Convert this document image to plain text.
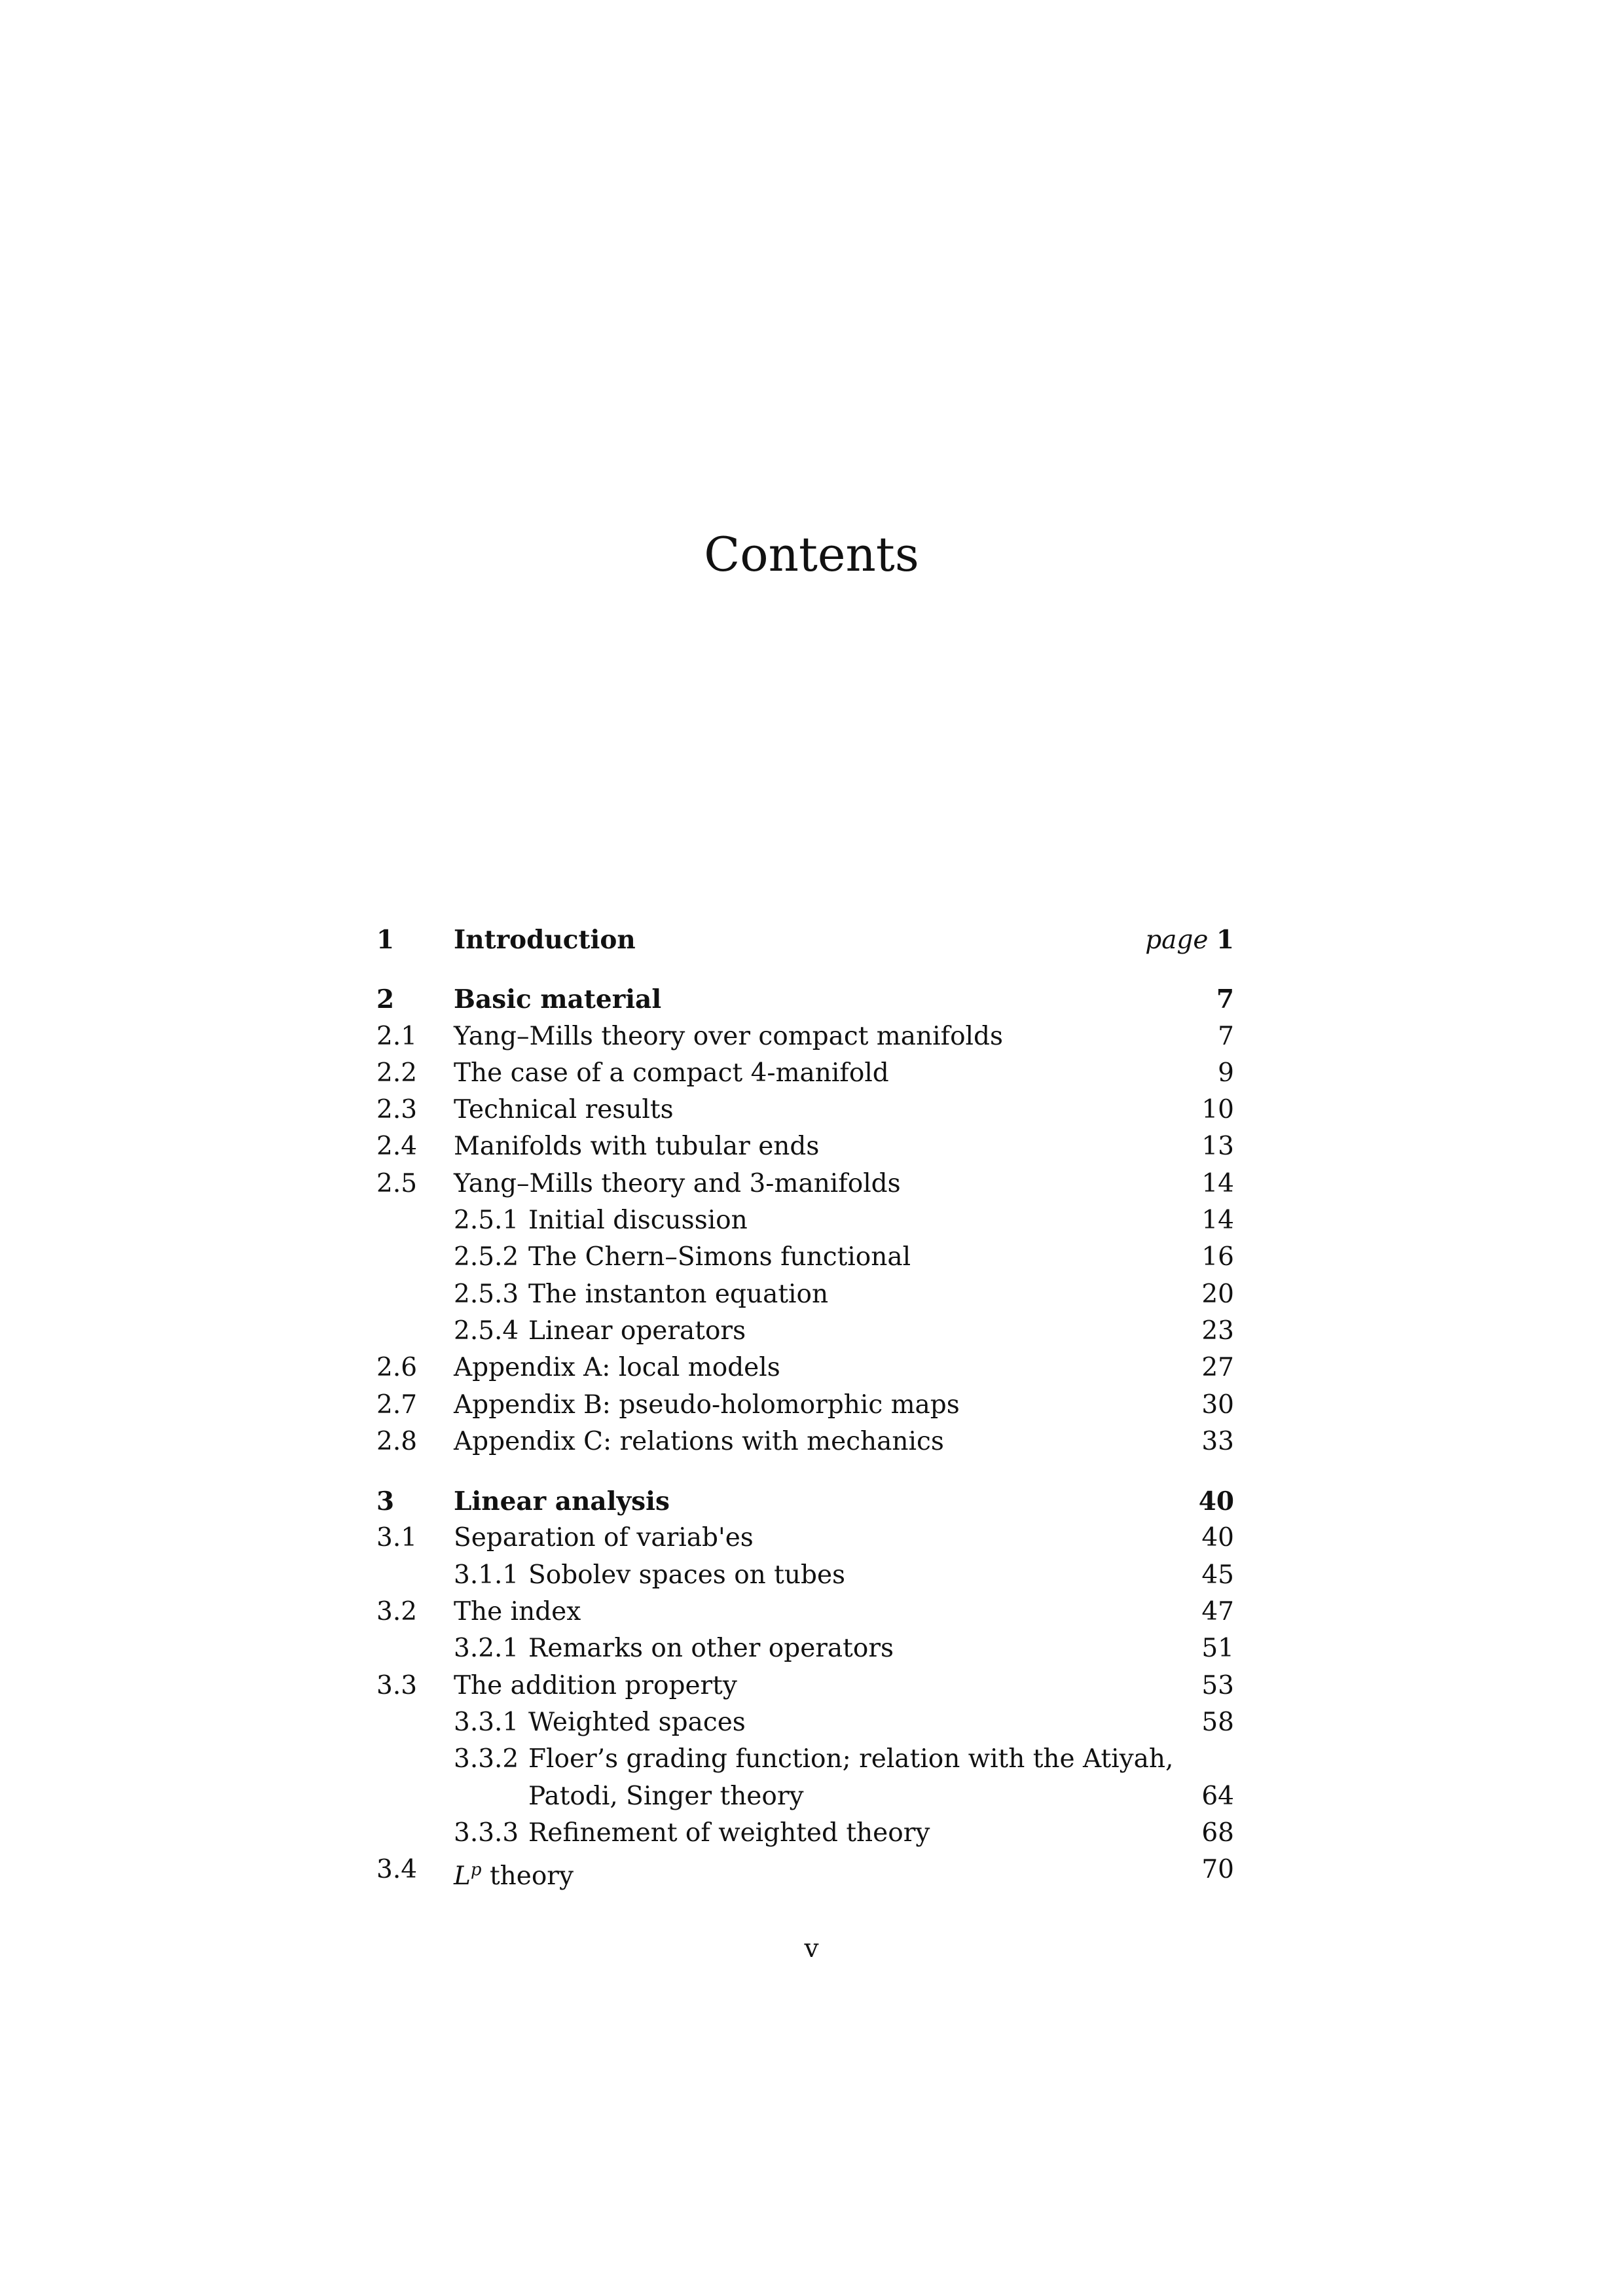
Contents
1 Introduction	page 1
2 Basic material	7
2.1 Yang–Mills theory over compact manifolds	7
2.2 The case of a compact 4-manifold	9
2.3 Technical results	10
2.4 Manifolds with tubular ends	13
2.5 Yang–Mills theory and 3-manifolds	14
2.5.1 Initial discussion	14
2.5.2 The Chern–Simons functional	16
2.5.3 The instanton equation	20
2.5.4 Linear operators	23
2.6 Appendix A: local models	27
2.7 Appendix B: pseudo-holomorphic maps	30
2.8 Appendix C: relations with mechanics	33
3 Linear analysis	40
3.1 Separation of variab'es	40
3.1.1 Sobolev spaces on tubes	45
3.2 The index	47
3.2.1 Remarks on other operators	51
3.3 The addition property	53
3.3.1 Weighted spaces	58
3.3.2 Floer’s grading function; relation with the Atiyah,
Patodi, Singer theory	64
3.3.3 Refinement of weighted theory	68
3.4 $L^p$ theory	70
v
